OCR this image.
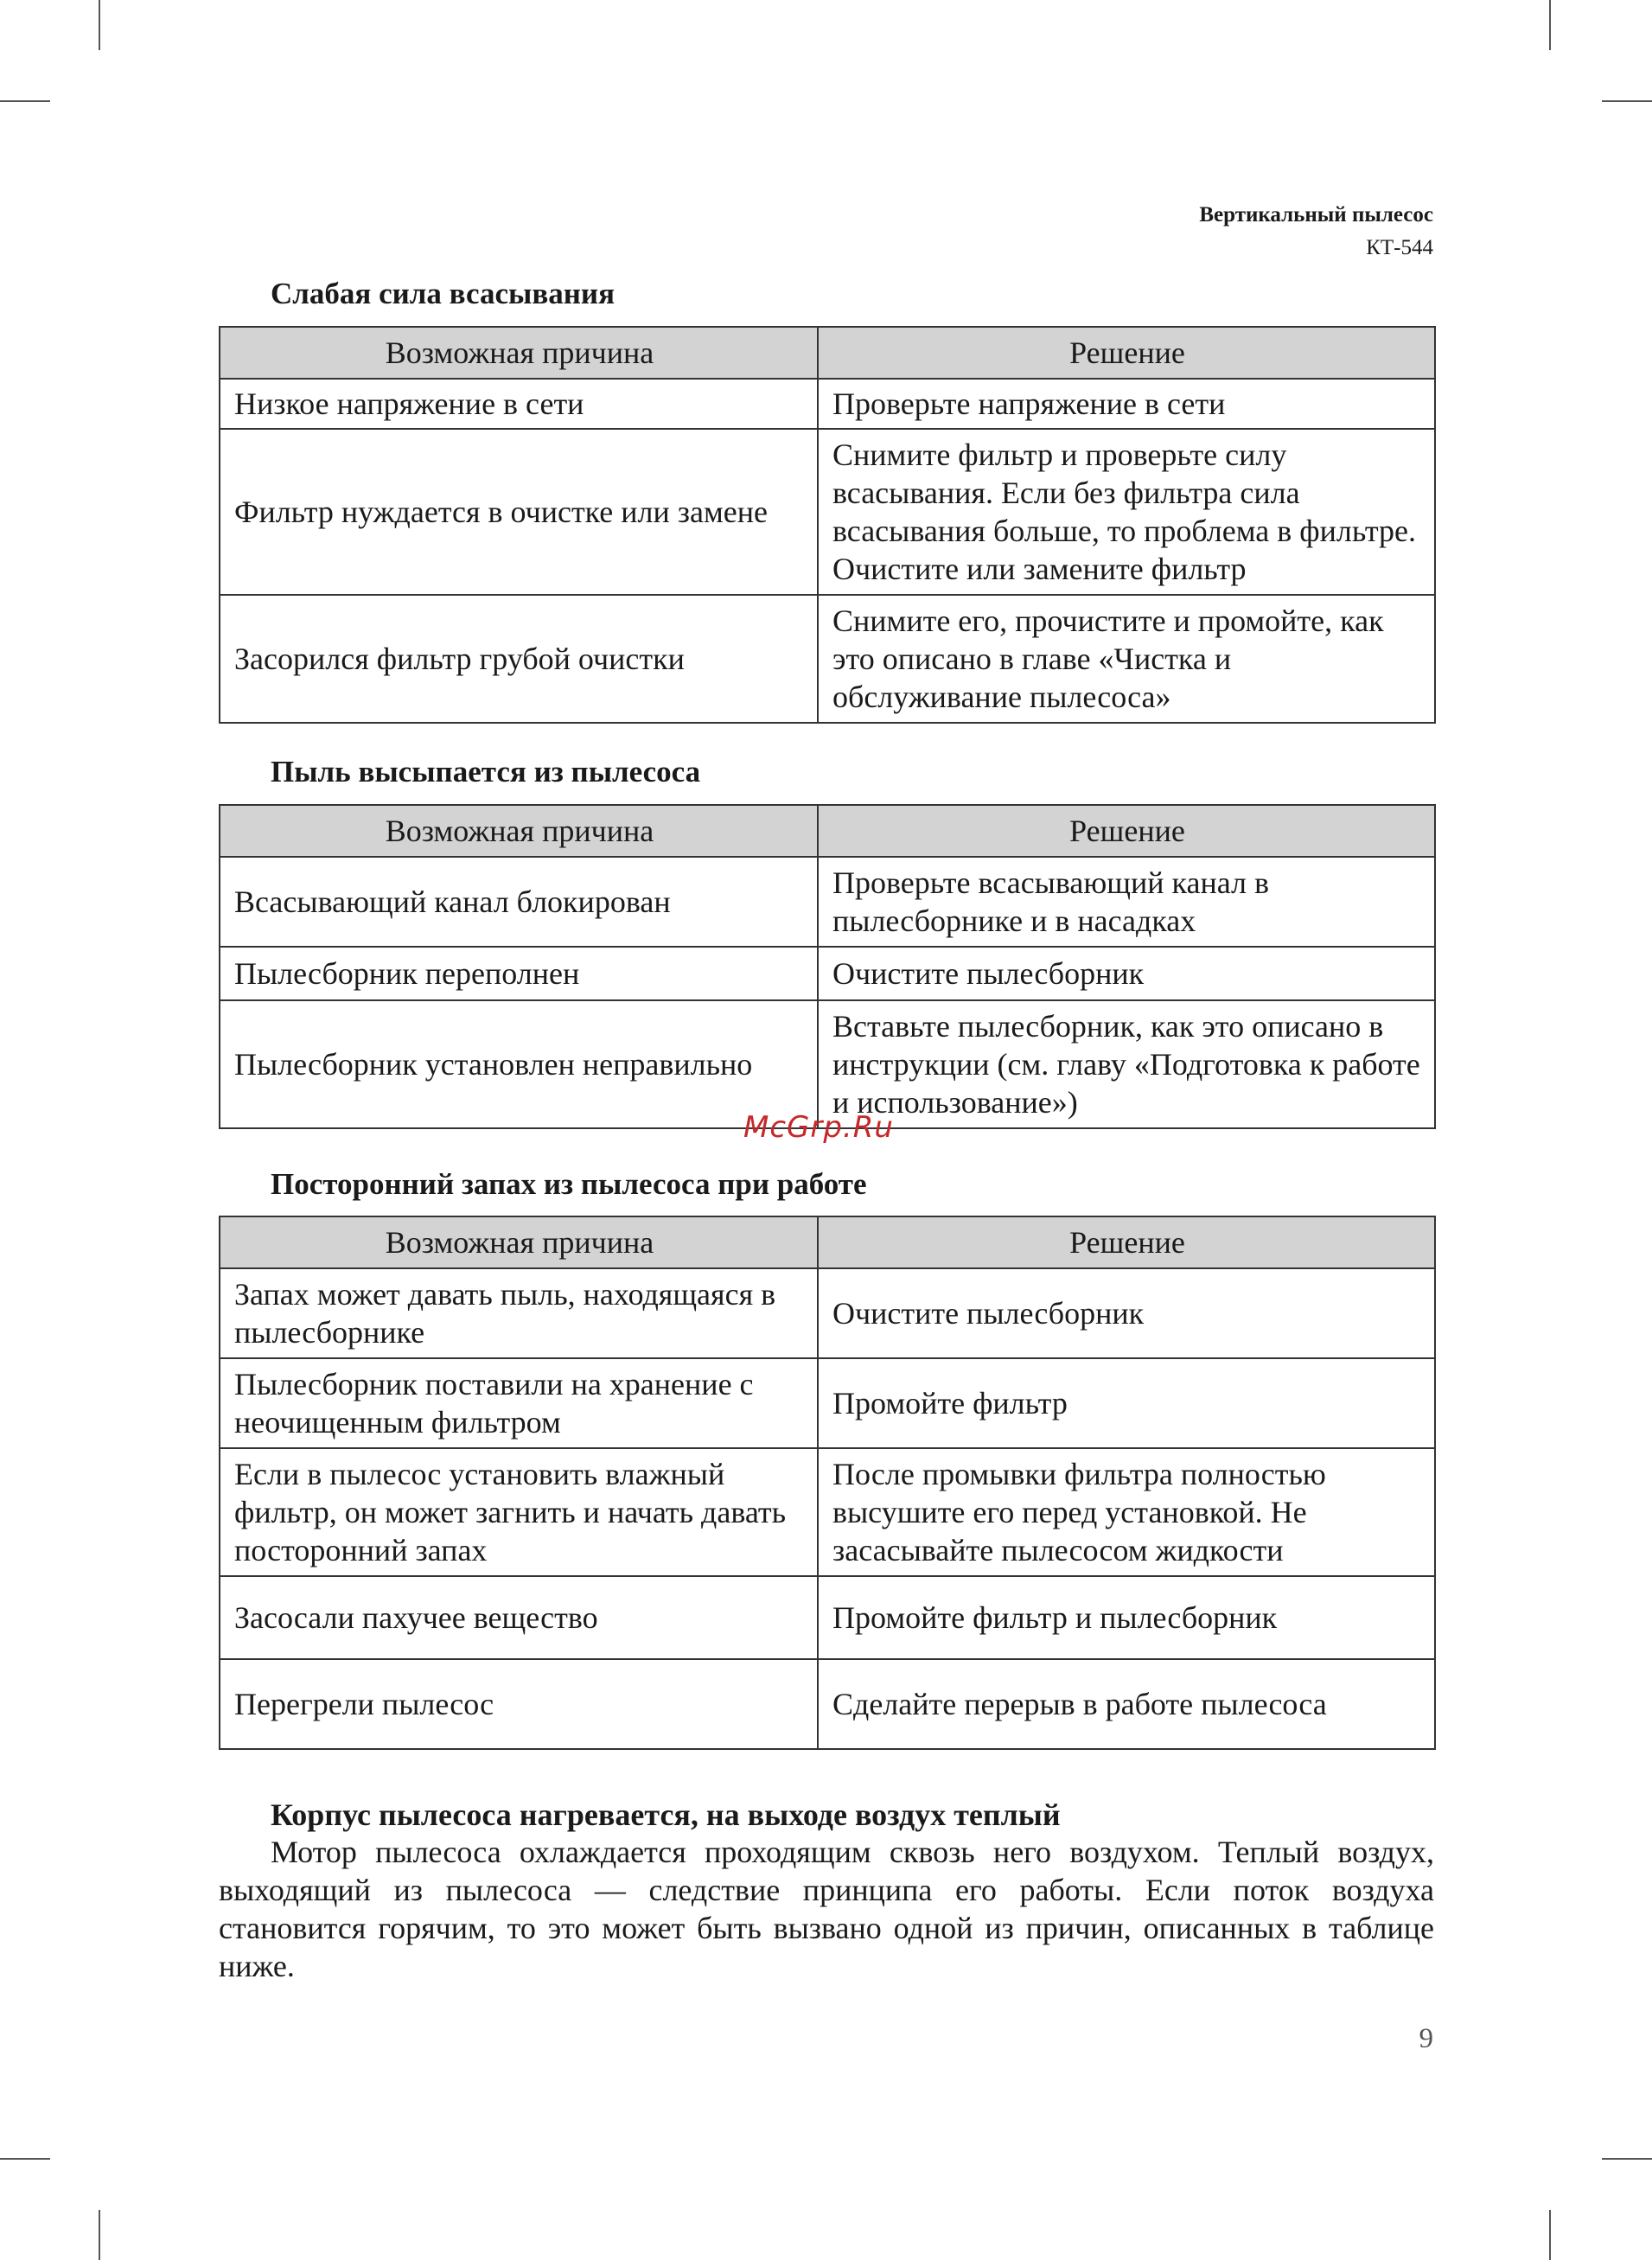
Вертикальный пылесос
КТ-544
Слабая сила всасывания
Возможная причина	Решение
Низкое напряжение в сети	Проверьте напряжение в сети
Фильтр нуждается в очистке или замене	Снимите фильтр и проверьте силу всасывания. Если без фильтра сила всасывания больше, то проблема в фильтре. Очистите или замените фильтр
Засорился фильтр грубой очистки	Снимите его, прочистите и промойте, как это описано в главе «Чистка и обслуживание пылесоса»
Пыль высыпается из пылесоса
Возможная причина	Решение
Всасывающий канал блокирован	Проверьте всасывающий канал в пылесборнике и в насадках
Пылесборник переполнен	Очистите пылесборник
Пылесборник установлен неправильно	Вставьте пылесборник, как это описано в инструкции (см. главу «Подготовка к работе и использование»)
McGrp.Ru
Посторонний запах из пылесоса при работе
Возможная причина	Решение
Запах может давать пыль, находящаяся в пылесборнике	Очистите пылесборник
Пылесборник поставили на хранение с неочищенным фильтром	Промойте фильтр
Если в пылесос установить влажный фильтр, он может загнить и начать давать посторонний запах	После промывки фильтра полностью высушите его перед установкой. Не засасывайте пылесосом жидкости
Засосали пахучее вещество	Промойте фильтр и пылесборник
Перегрели пылесос	Сделайте перерыв в работе пылесоса
Корпус пылесоса нагревается, на выходе воздух теплый
Мотор пылесоса охлаждается проходящим сквозь него воздухом. Теплый воздух, выходящий из пылесоса — следствие принципа его работы. Если поток воздуха становится горячим, то это может быть вызвано одной из причин, описанных в таблице ниже.
9
